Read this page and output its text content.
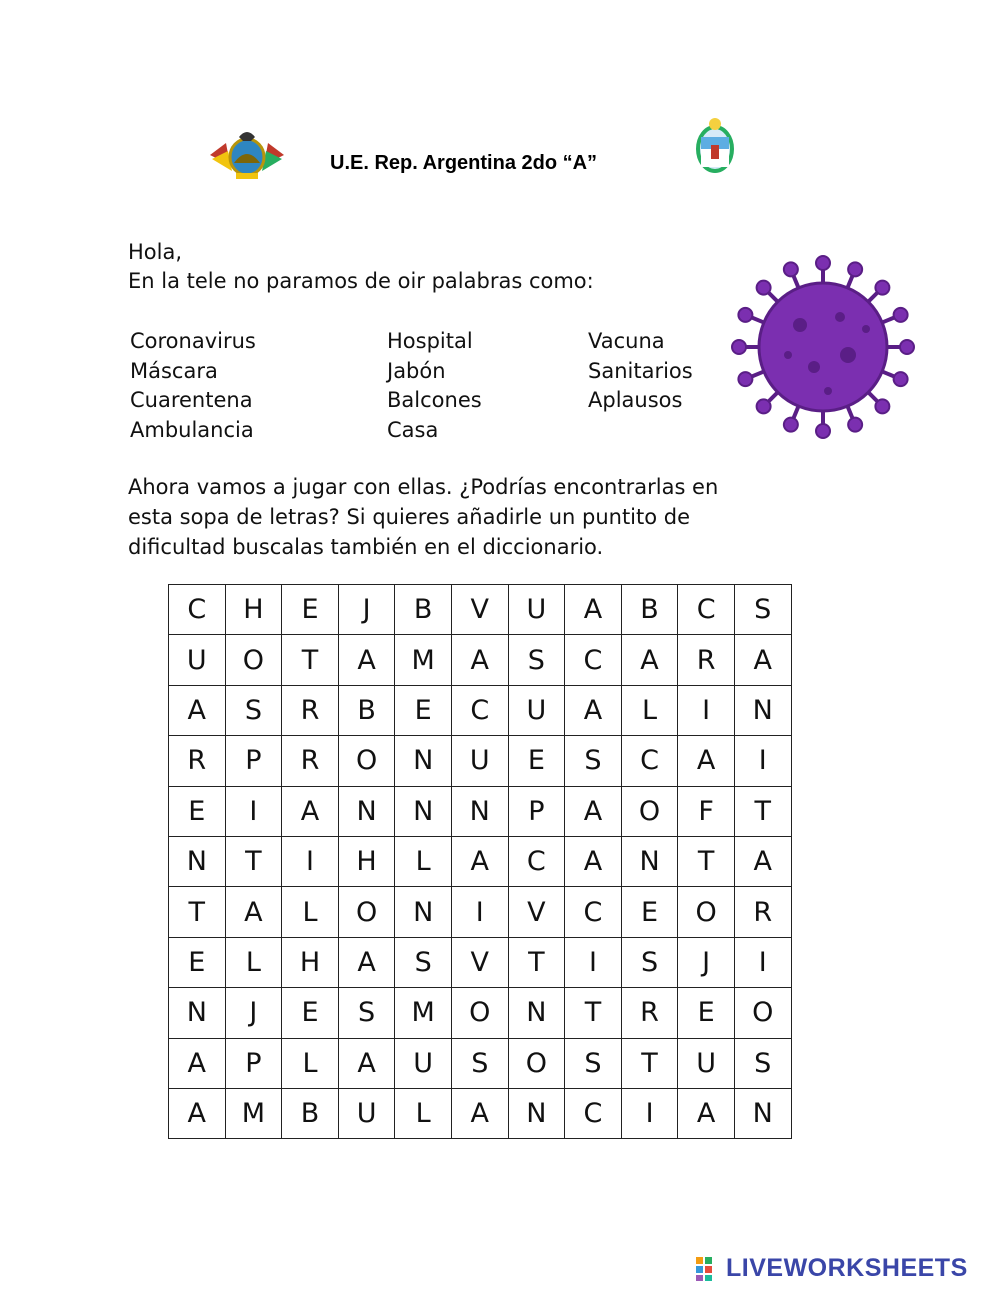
U.E. Rep. Argentina 2do “A”
Hola,
En la tele no paramos de oir palabras como:
Coronavirus
Máscara
Cuarentena
Ambulancia
Hospital
Jabón
Balcones
Casa
Vacuna
Sanitarios
Aplausos
Ahora vamos a jugar con ellas. ¿Podrías encontrarlas en
esta sopa de letras? Si quieres añadirle un puntito de
dificultad buscalas también en el diccionario.
C	H	E	J	B	V	U	A	B	C	S
U	O	T	A	M	A	S	C	A	R	A
A	S	R	B	E	C	U	A	L	I	N
R	P	R	O	N	U	E	S	C	A	I
E	I	A	N	N	N	P	A	O	F	T
N	T	I	H	L	A	C	A	N	T	A
T	A	L	O	N	I	V	C	E	O	R
E	L	H	A	S	V	T	I	S	J	I
N	J	E	S	M	O	N	T	R	E	O
A	P	L	A	U	S	O	S	T	U	S
A	M	B	U	L	A	N	C	I	A	N
LIVEWORKSHEETS
